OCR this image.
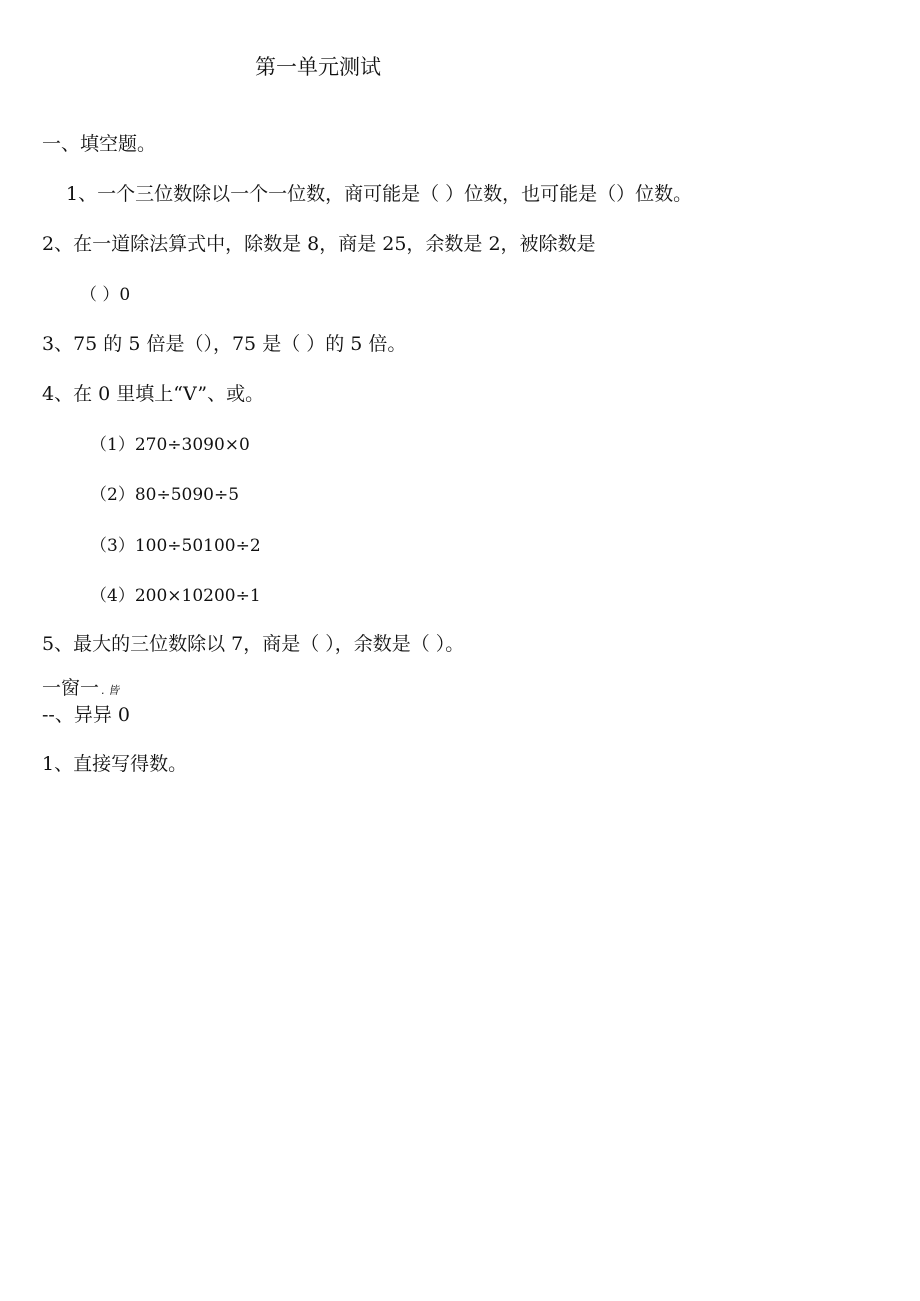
第一单元测试
一、填空题。
1、一个三位数除以一个一位数，商可能是（ ）位数，也可能是（）位数。
2、在一道除法算式中，除数是 8，商是 25，余数是 2，被除数是
（ ）0
3、75 的 5 倍是（），75 是（ ）的 5 倍。
4、在 0 里填上“V”、或。
（1）270÷3090×0
（2）80÷5090÷5
（3）100÷50100÷2
（4）200×10200÷1
5、最大的三位数除以 7，商是（ ），余数是（ ）。
一窗一 . 皆
--、异异 0
1、直接写得数。
